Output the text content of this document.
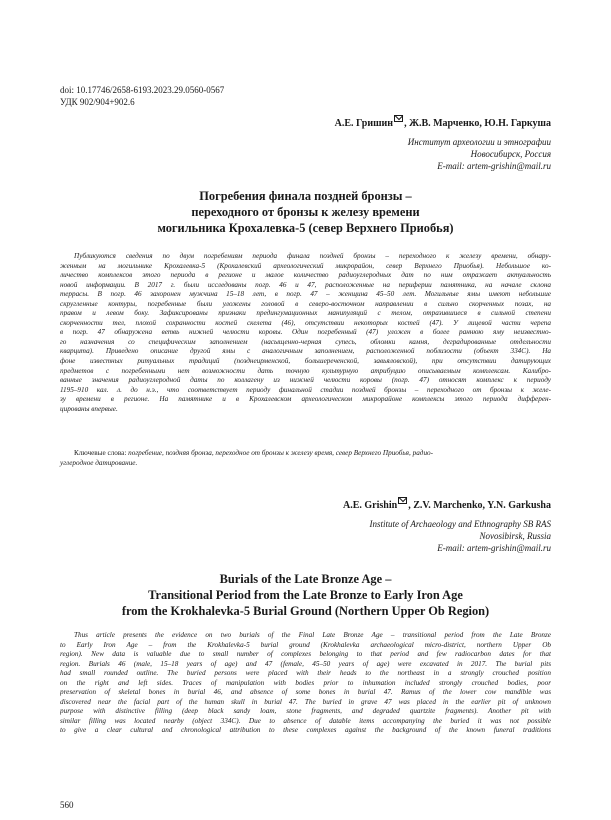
doi: 10.17746/2658-6193.2023.29.0560-0567
УДК 902/904+902.6
А.Е. Гришин , Ж.В. Марченко, Ю.Н. Гаркуша
Институт археологии и этнографии
Новосибирск, Россия
E-mail: artem-grishin@mail.ru
Погребения финала поздней бронзы –
переходного от бронзы к железу времени
могильника Крохалевка-5 (север Верхнего Приобья)
Публикуются сведения по двум погребениям периода финала поздней бронзы – переходного к железу времени, обнару-
женным на могильнике Крохалевка-5 (Крохалевский археологический микрорайон, север Верхнего Приобья). Небольшое ко-
личество комплексов этого периода в регионе и малое количество радиоуглеродных дат по ним отражает актуальность
новой информации. В 2017 г. были исследованы погр. 46 и 47, расположенные на периферии памятника, на начале склона
террасы. В погр. 46 захоронен мужчина 15–18 лет, в погр. 47 – женщина 45–50 лет. Могильные ямы имеют небольшие
скругленные контуры, погребенные были уложены головой в северо-восточном направлении в сильно скорченных позах, на
правом и левом боку. Зафиксированы признаки предингумационных манипуляций с телом, отразившиеся в сильной степени
скорченности тел, плохой сохранности костей скелета (46), отсутствии некоторых костей (47). У лицевой части черепа
в погр. 47 обнаружена ветвь нижней челюсти коровы. Один погребенный (47) уложен в более раннюю яму неизвестно-
го назначения со специфическим заполнением (насыщенно-черная супесь, обломки камня, деградированные отдельности
кварцита). Приведено описание другой ямы с аналогичным заполнением, расположенной поблизости (объект 334С). На
фоне известных ритуальных традиций (позднеирменской, большереченской, завьяловской), при отсутствии датирующих
предметов с погребенными нет возможности дать точную культурную атрибуцию описываемым комплексам. Калибро-
ванные значения радиоуглеродной даты по коллагену из нижней челюсти коровы (погр. 47) относят комплекс к периоду
1195–910 кал. л. до н.э., что соответствует периоду финальной стадии поздней бронзы – переходного от бронзы к желе-
зу времени в регионе. На памятнике и в Крохалевском археологическом микрорайоне комплексы этого периода дифферен-
цированы впервые.
Ключевые слова: погребение, поздняя бронза, переходное от бронзы к железу время, север Верхнего Приобья, радио-
углеродное датирование.
A.E. Grishin , Z.V. Marchenko, Y.N. Garkusha
Institute of Archaeology and Ethnography SB RAS
Novosibirsk, Russia
E-mail: artem-grishin@mail.ru
Burials of the Late Bronze Age –
Transitional Period from the Late Bronze to Early Iron Age
from the Krokhalevka-5 Burial Ground (Northern Upper Ob Region)
Thus article presents the evidence on two burials of the Final Late Bronze Age – transitional period from the Late Bronze
to Early Iron Age – from the Krokhalevka-5 burial ground (Krokhalevka archaeological micro-district, northern Upper Ob
region). New data is valuable due to small number of complexes belonging to that period and few radiocarbon dates for that
region. Burials 46 (male, 15–18 years of age) and 47 (female, 45–50 years of age) were excavated in 2017. The burial pits
had small rounded outline. The buried persons were placed with their heads to the northeast in a strongly crouched position
on the right and left sides. Traces of manipulation with bodies prior to inhumation included strongly crouched bodies, poor
preservation of skeletal bones in burial 46, and absence of some bones in burial 47. Ramus of the lower cow mandible was
discovered near the facial part of the human skull in burial 47. The buried in grave 47 was placed in the earlier pit of unknown
purpose with distinctive filling (deep black sandy loam, stone fragments, and degraded quartzite fragments). Another pit with
similar filling was located nearby (object 334C). Due to absence of datable items accompanying the buried it was not possible
to give a clear cultural and chronological attribution to these complexes against the background of the known funeral traditions
560
